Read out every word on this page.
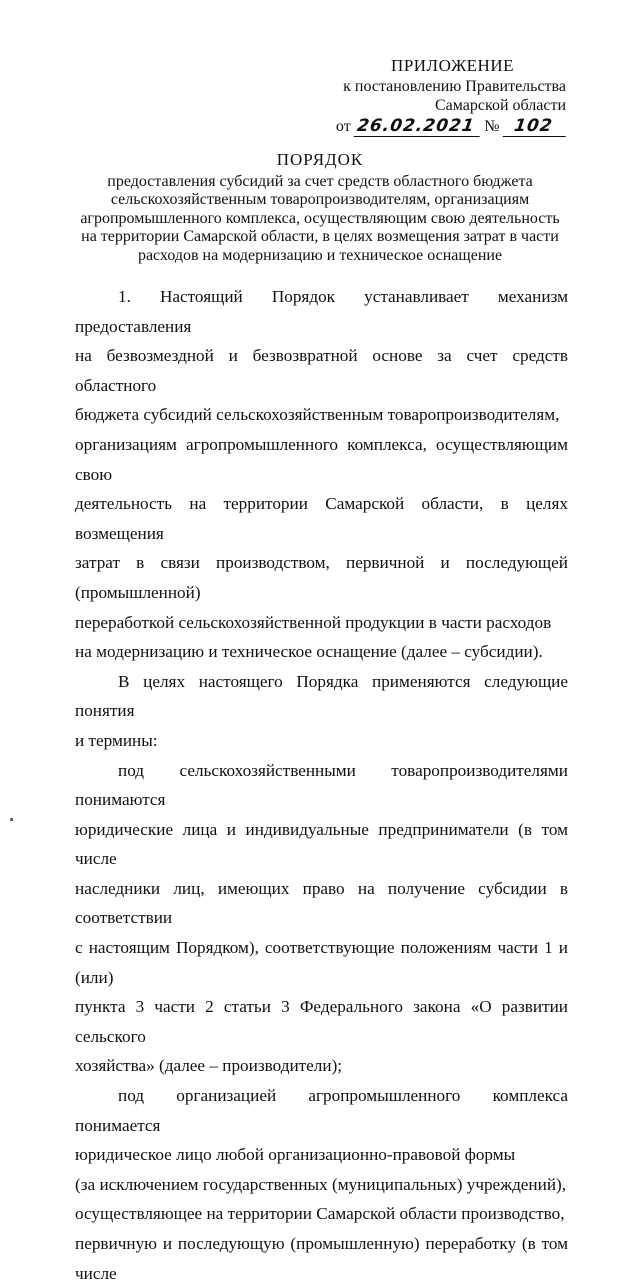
ПРИЛОЖЕНИЕ
к постановлению Правительства
Самарской области
от 26.02.2021 № 102
ПОРЯДОК
предоставления субсидий за счет средств областного бюджета
сельскохозяйственным товаропроизводителям, организациям
агропромышленного комплекса, осуществляющим свою деятельность
на территории Самарской области, в целях возмещения затрат в части
расходов на модернизацию и техническое оснащение

1. Настоящий Порядок устанавливает механизм предоставления
на безвозмездной и безвозвратной основе за счет средств областного
бюджета субсидий сельскохозяйственным товаропроизводителям,
организациям агропромышленного комплекса, осуществляющим свою
деятельность на территории Самарской области, в целях возмещения
затрат в связи производством, первичной и последующей (промышленной)
переработкой сельскохозяйственной продукции в части расходов
на модернизацию и техническое оснащение (далее – субсидии).

В целях настоящего Порядка применяются следующие понятия
и термины:

под сельскохозяйственными товаропроизводителями понимаются
юридические лица и индивидуальные предприниматели (в том числе
наследники лиц, имеющих право на получение субсидии в соответствии
с настоящим Порядком), соответствующие положениям части 1 и (или)
пункта 3 части 2 статьи 3 Федерального закона «О развитии сельского
хозяйства» (далее – производители);

под организацией агропромышленного комплекса понимается
юридическое лицо любой организационно-правовой формы
(за исключением государственных (муниципальных) учреждений),
осуществляющее на территории Самарской области производство,
первичную и последующую (промышленную) переработку (в том числе
